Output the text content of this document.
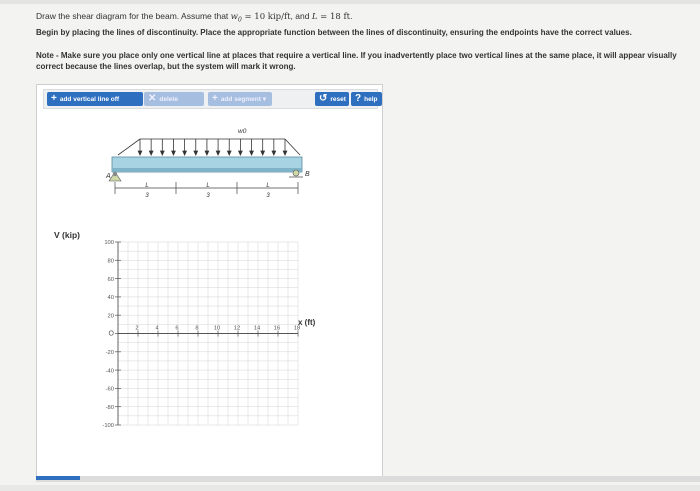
Draw the shear diagram for the beam. Assume that $w_0 = 10$ kip/ft, and L = 18 ft.
Begin by placing the lines of discontinuity. Place the appropriate function between the lines of discontinuity, ensuring the endpoints have the correct values.
Note - Make sure you place only one vertical line at places that require a vertical line. If you inadvertently place two vertical lines at the same place, it will appear visually correct because the lines overlap, but the system will mark it wrong.
+ add vertical line off	✕ delete	+ add segment ▾	↺ reset ? help
w0
A	B
L
3
L
3
L
3
100
80
60
40
20
O
-20
-40
-60
-80
-100
2	4	6	8	10 12 14 16 18
V (kip)
x (ft)
